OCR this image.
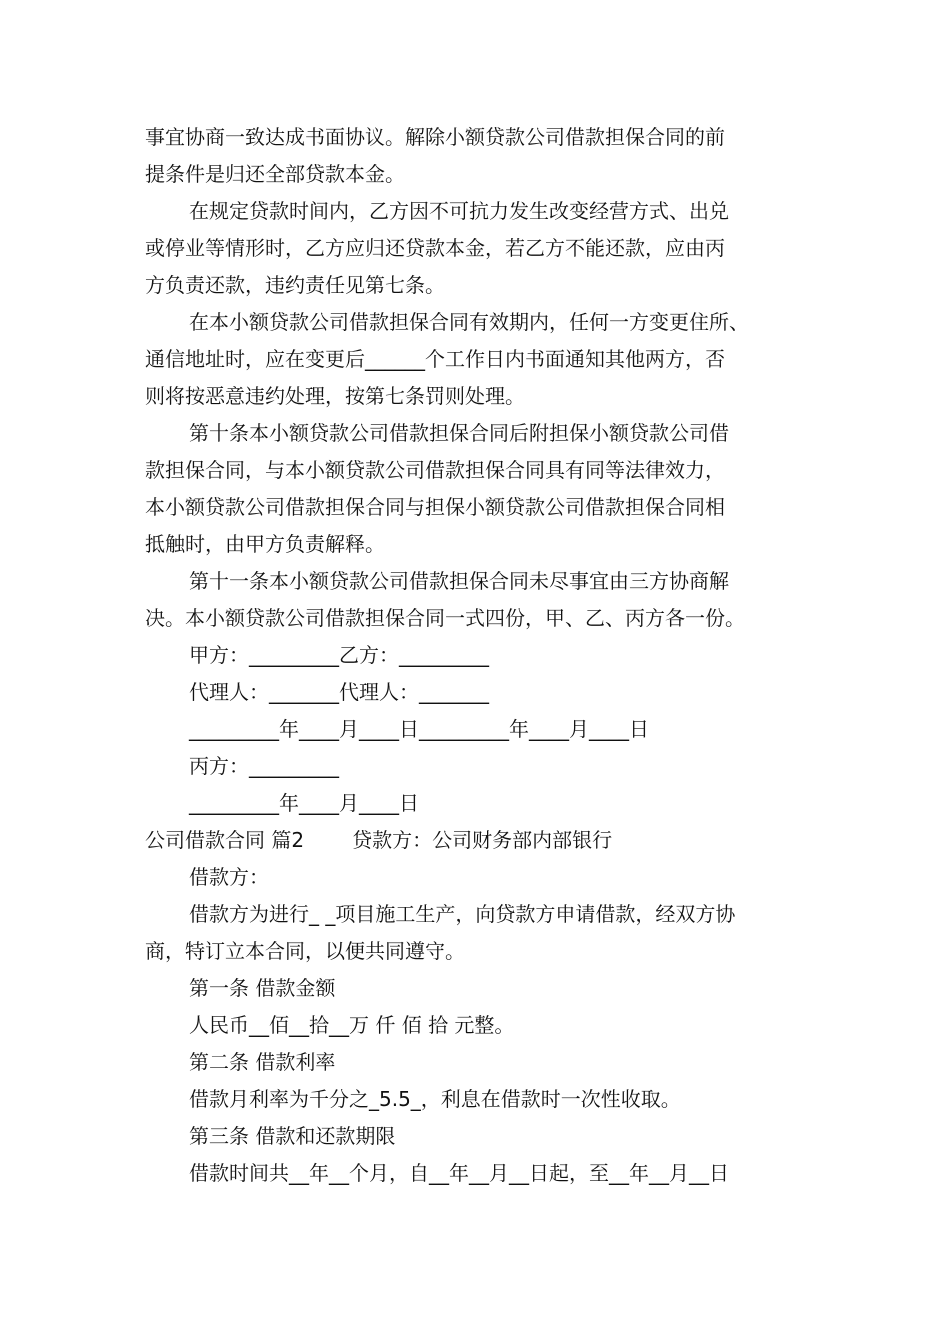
事宜协商一致达成书面协议。解除小额贷款公司借款担保合同的前

提条件是归还全部贷款本金。

在规定贷款时间内，乙方因不可抗力发生改变经营方式、出兑

或停业等情形时，乙方应归还贷款本金，若乙方不能还款，应由丙

方负责还款，违约责任见第七条。

在本小额贷款公司借款担保合同有效期内，任何一方变更住所、

通信地址时，应在变更后______个工作日内书面通知其他两方，否

则将按恶意违约处理，按第七条罚则处理。

第十条本小额贷款公司借款担保合同后附担保小额贷款公司借

款担保合同，与本小额贷款公司借款担保合同具有同等法律效力，

本小额贷款公司借款担保合同与担保小额贷款公司借款担保合同相

抵触时，由甲方负责解释。

第十一条本小额贷款公司借款担保合同未尽事宜由三方协商解

决。本小额贷款公司借款担保合同一式四份，甲、乙、丙方各一份。

甲方：_________乙方：_________

代理人：_______代理人：_______

_________年____月____日_________年____月____日

丙方：_________

_________年____月____日

公司借款合同 篇2 贷款方：公司财务部内部银行

借款方：

借款方为进行_ _项目施工生产，向贷款方申请借款，经双方协

商，特订立本合同，以便共同遵守。

第一条 借款金额

人民币__佰__拾__万 仟 佰 拾 元整。

第二条 借款利率

借款月利率为千分之_5.5_，利息在借款时一次性收取。

第三条 借款和还款期限

借款时间共__年__个月，自__年__月__日起，至__年__月__日
